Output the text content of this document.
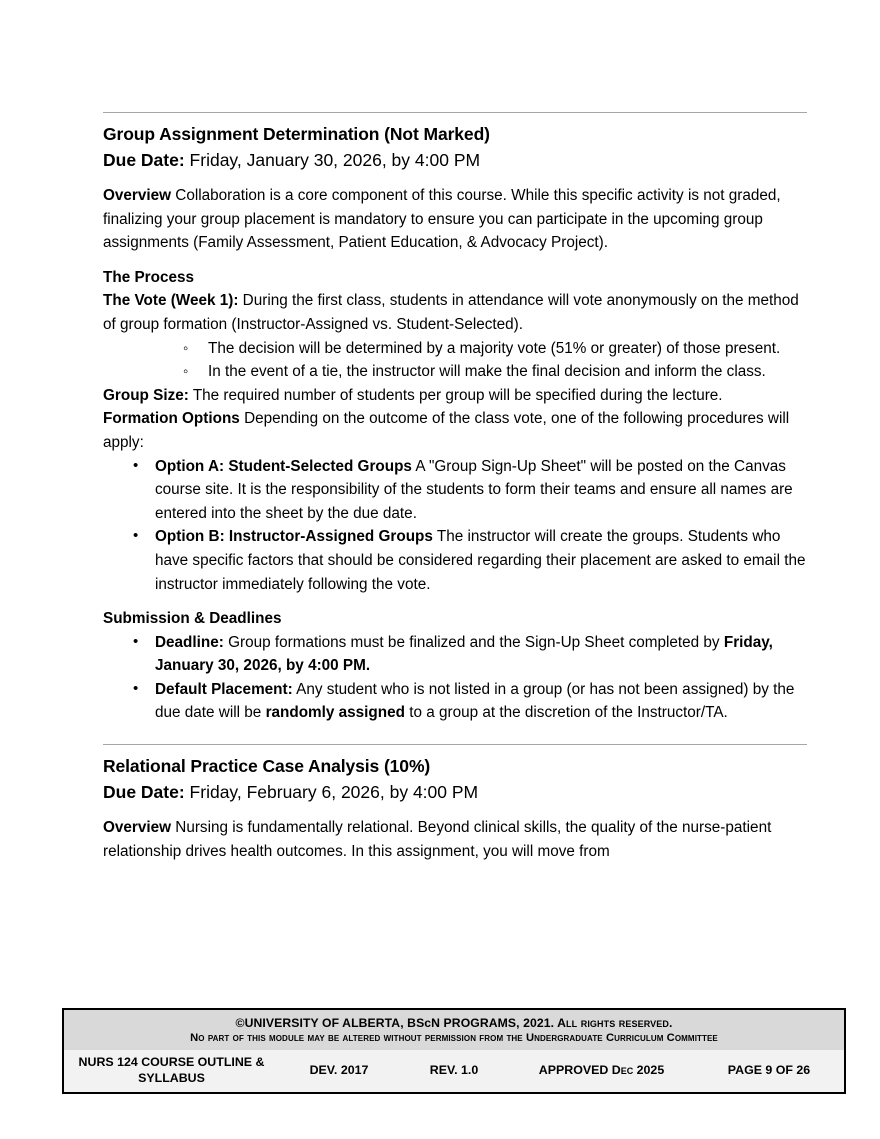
Group Assignment Determination (Not Marked)
Due Date: Friday, January 30, 2026, by 4:00 PM

Overview Collaboration is a core component of this course. While this specific activity is not graded, finalizing your group placement is mandatory to ensure you can participate in the upcoming group assignments (Family Assessment, Patient Education, & Advocacy Project).

The Process

The Vote (Week 1): During the first class, students in attendance will vote anonymously on the method of group formation (Instructor-Assigned vs. Student-Selected).

◦ The decision will be determined by a majority vote (51% or greater) of those present.
◦ In the event of a tie, the instructor will make the final decision and inform the class.

Group Size: The required number of students per group will be specified during the lecture.

Formation Options Depending on the outcome of the class vote, one of the following procedures will apply:

• Option A: Student-Selected Groups A "Group Sign-Up Sheet" will be posted on the Canvas course site. It is the responsibility of the students to form their teams and ensure all names are entered into the sheet by the due date.
• Option B: Instructor-Assigned Groups The instructor will create the groups. Students who have specific factors that should be considered regarding their placement are asked to email the instructor immediately following the vote.
Submission & Deadlines
• Deadline: Group formations must be finalized and the Sign-Up Sheet completed by Friday, January 30, 2026, by 4:00 PM.
• Default Placement: Any student who is not listed in a group (or has not been assigned) by the due date will be randomly assigned to a group at the discretion of the Instructor/TA.
Relational Practice Case Analysis (10%)
Due Date: Friday, February 6, 2026, by 4:00 PM

Overview Nursing is fundamentally relational. Beyond clinical skills, the quality of the nurse-patient relationship drives health outcomes. In this assignment, you will move from

©UNIVERSITY OF ALBERTA, BScN PROGRAMS, 2021. All rights reserved.
No part of this module may be altered without permission from the Undergraduate Curriculum Committee
NURS 124 COURSE OUTLINE & SYLLABUS
DEV. 2017	REV. 1.0	APPROVED Dec 2025	PAGE 9 OF 26
